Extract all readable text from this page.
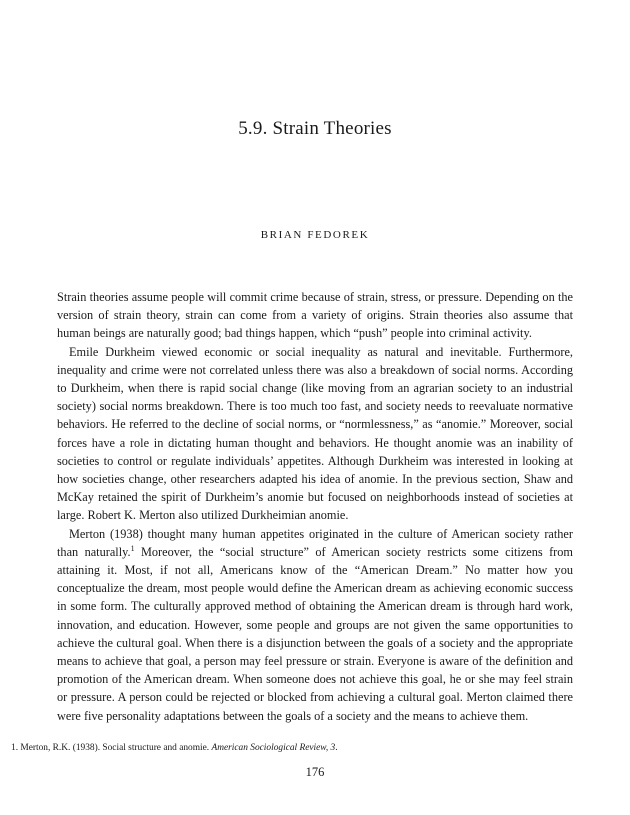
5.9. Strain Theories

BRIAN FEDOREK

Strain theories assume people will commit crime because of strain, stress, or pressure. Depending on the version of strain theory, strain can come from a variety of origins. Strain theories also assume that human beings are naturally good; bad things happen, which “push” people into criminal activity.

Emile Durkheim viewed economic or social inequality as natural and inevitable. Furthermore, inequality and crime were not correlated unless there was also a breakdown of social norms. According to Durkheim, when there is rapid social change (like moving from an agrarian society to an industrial society) social norms breakdown. There is too much too fast, and society needs to reevaluate normative behaviors. He referred to the decline of social norms, or “normlessness,” as “anomie.” Moreover, social forces have a role in dictating human thought and behaviors. He thought anomie was an inability of societies to control or regulate individuals’ appetites. Although Durkheim was interested in looking at how societies change, other researchers adapted his idea of anomie. In the previous section, Shaw and McKay retained the spirit of Durkheim’s anomie but focused on neighborhoods instead of societies at large. Robert K. Merton also utilized Durkheimian anomie.

Merton (1938) thought many human appetites originated in the culture of American society rather than naturally.$^1$ Moreover, the “social structure” of American society restricts some citizens from attaining it. Most, if not all, Americans know of the “American Dream.” No matter how you conceptualize the dream, most people would define the American dream as achieving economic success in some form. The culturally approved method of obtaining the American dream is through hard work, innovation, and education. However, some people and groups are not given the same opportunities to achieve the cultural goal. When there is a disjunction between the goals of a society and the appropriate means to achieve that goal, a person may feel pressure or strain. Everyone is aware of the definition and promotion of the American dream. When someone does not achieve this goal, he or she may feel strain or pressure. A person could be rejected or blocked from achieving a cultural goal. Merton claimed there were five personality adaptations between the goals of a society and the means to achieve them.

1. Merton, R.K. (1938). Social structure and anomie. American Sociological Review, 3.

176
